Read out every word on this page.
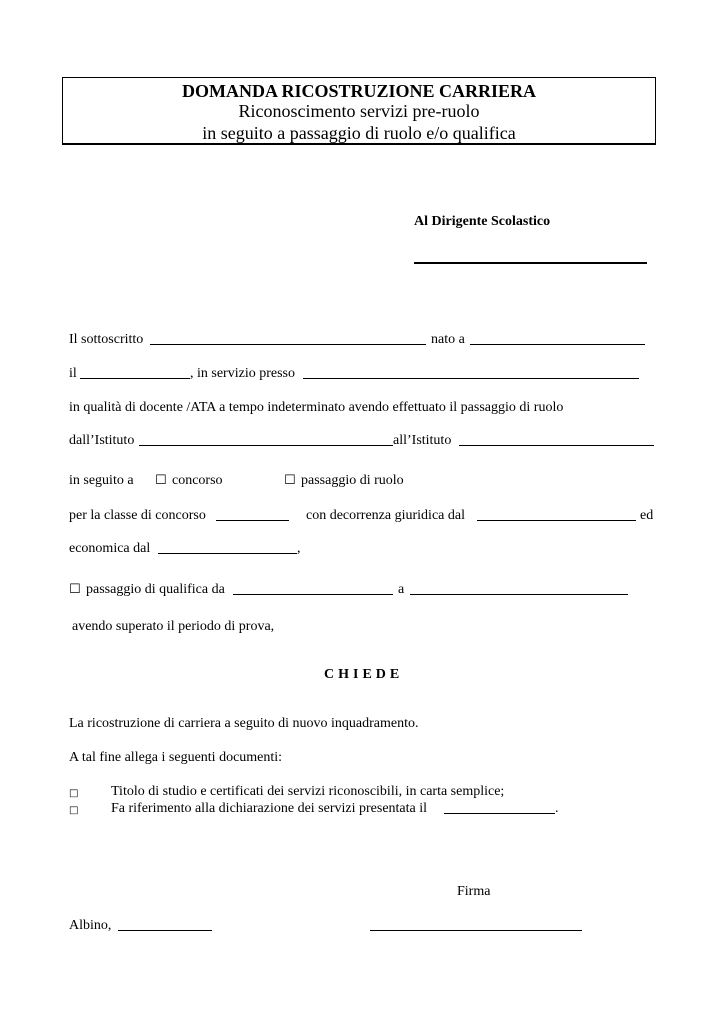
DOMANDA RICOSTRUZIONE CARRIERA
Riconoscimento servizi pre-ruolo
in seguito a passaggio di ruolo e/o qualifica
Al Dirigente Scolastico
Il sottoscritto	nato a
il	, in servizio presso
in qualità di docente /ATA a tempo indeterminato avendo effettuato il passaggio di ruolo
dall’Istituto	all’Istituto
in seguito a ☐ concorso	☐ passaggio di ruolo
per la classe di concorso	con decorrenza giuridica dal	ed
economica dal	,
☐ passaggio di qualifica da	a
avendo superato il periodo di prova,
CHIEDE
La ricostruzione di carriera a seguito di nuovo inquadramento.
A tal fine allega i seguenti documenti:
□ Titolo di studio e certificati dei servizi riconoscibili, in carta semplice;
□ Fa riferimento alla dichiarazione dei servizi presentata il	.
Firma
Albino,
